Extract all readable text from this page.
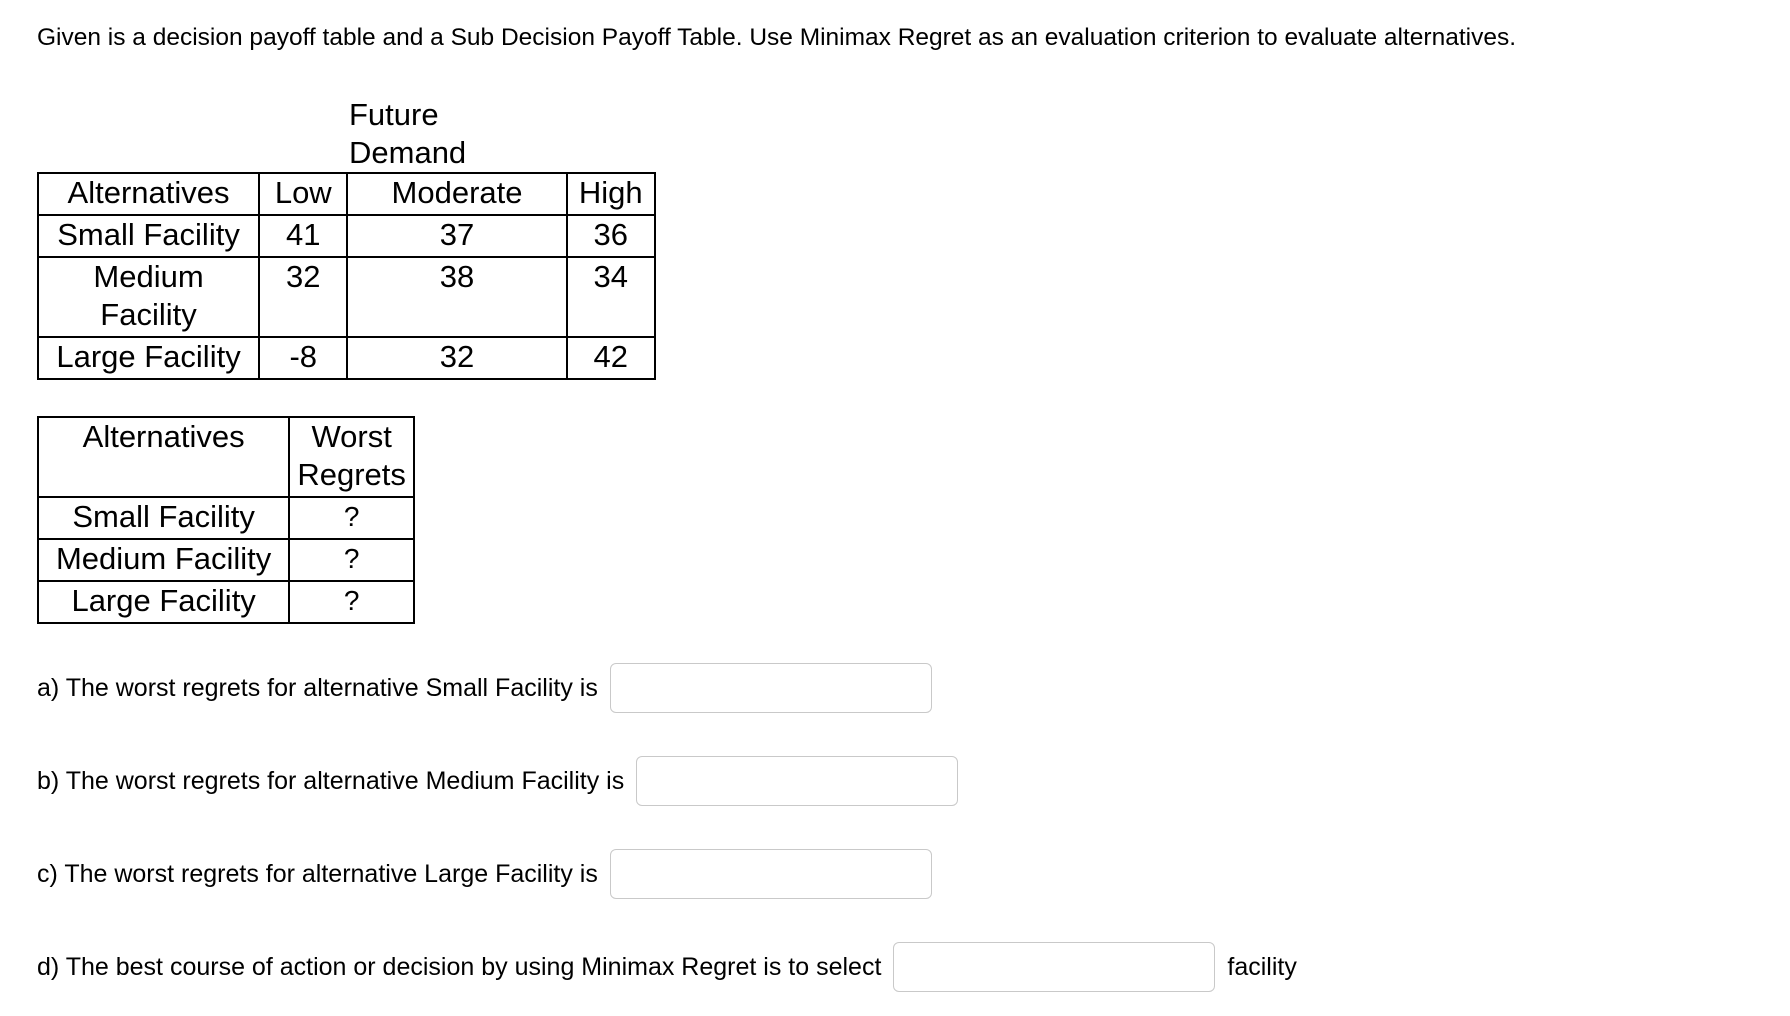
Given is a decision payoff table and a Sub Decision Payoff Table. Use Minimax Regret as an evaluation criterion to evaluate alternatives.
Future
Demand
Alternatives	Low	Moderate	High
Small Facility	41	37	36

Medium
Facility	32	38	34
Large Facility	-8	32	42
Alternatives	Worst
Regrets

Small Facility	?
Medium Facility	?
Large Facility	?
a) The worst regrets for alternative Small Facility is
b) The worst regrets for alternative Medium Facility is
c) The worst regrets for alternative Large Facility is
d) The best course of action or decision by using Minimax Regret is to select	facility
